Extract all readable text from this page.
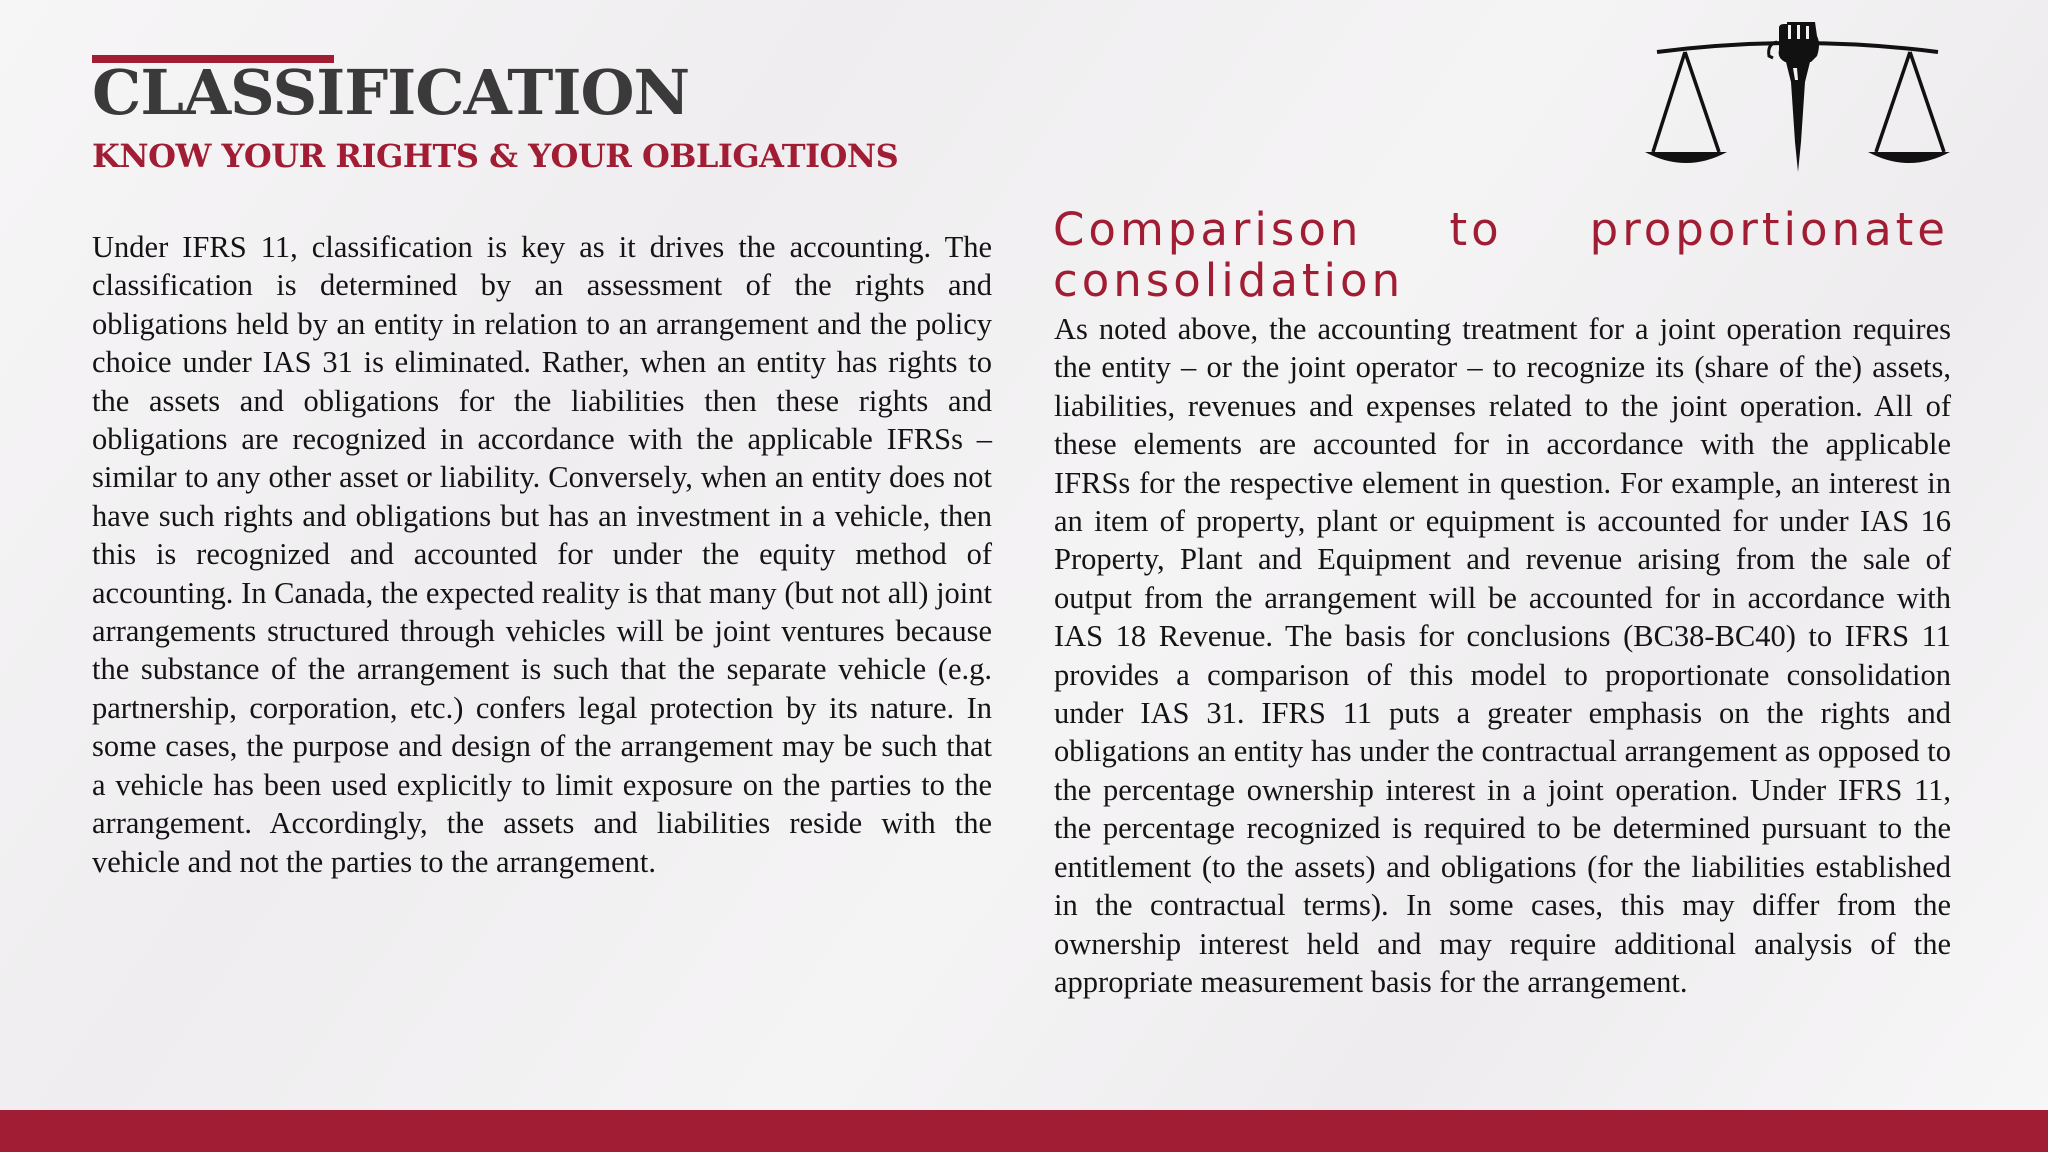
CLASSIFICATION
KNOW YOUR RIGHTS & YOUR OBLIGATIONS

Under IFRS 11, classification is key as it drives the accounting. The classification is determined by an assessment of the rights and obligations held by an entity in relation to an arrangement and the policy choice under IAS 31 is eliminated. Rather, when an entity has rights to the assets and obligations for the liabilities then these rights and obligations are recognized in accordance with the applicable IFRSs – similar to any other asset or liability. Conversely, when an entity does not have such rights and obligations but has an investment in a vehicle, then this is recognized and accounted for under the equity method of accounting. In Canada, the expected reality is that many (but not all) joint arrangements structured through vehicles will be joint ventures because the substance of the arrangement is such that the separate vehicle (e.g. partnership, corporation, etc.) confers legal protection by its nature. In some cases, the purpose and design of the arrangement may be such that a vehicle has been used explicitly to limit exposure on the parties to the arrangement. Accordingly, the assets and liabilities reside with the vehicle and not the parties to the arrangement.

Comparison to proportionate consolidation

As noted above, the accounting treatment for a joint operation requires the entity – or the joint operator – to recognize its (share of the) assets, liabilities, revenues and expenses related to the joint operation. All of these elements are accounted for in accordance with the applicable IFRSs for the respective element in question. For example, an interest in an item of property, plant or equipment is accounted for under IAS 16 Property, Plant and Equipment and revenue arising from the sale of output from the arrangement will be accounted for in accordance with IAS 18 Revenue. The basis for conclusions (BC38-BC40) to IFRS 11 provides a comparison of this model to proportionate consolidation under IAS 31. IFRS 11 puts a greater emphasis on the rights and obligations an entity has under the contractual arrangement as opposed to the percentage ownership interest in a joint operation. Under IFRS 11, the percentage recognized is required to be determined pursuant to the entitlement (to the assets) and obligations (for the liabilities established in the contractual terms). In some cases, this may differ from the ownership interest held and may require additional analysis of the appropriate measurement basis for the arrangement.
